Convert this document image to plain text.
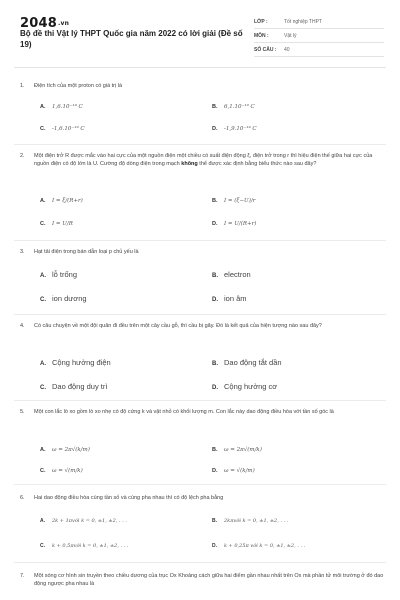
2048.vn
Bộ đề thi Vật lý THPT Quốc gia năm 2022 có lời giải (Đề số 19)
LỚP :	Tốt nghiệp THPT
MÔN :	Vật lý
SỐ CÂU : 40
1. Điện tích của một proton có giá trị là
A. 1,6.10⁻¹⁹ C	B. 6,1.10⁻¹⁹ C
C. -1,6.10⁻¹⁹ C	D. -1,9.10⁻¹⁹ C
2. Một điện trở R được mắc vào hai cực của một nguồn điện một chiều có suất điện động ξ, điện trở trong r thì hiệu điện thế giữa hai cực của nguồn điện có độ lớn là U. Cường độ dòng điện trong mạch không thể được xác định bằng biểu thức nào sau đây?
A. I = ξ/(R+r)	B. I = (ξ−U)/r
C. I = U/R	D. I = U/(R+r)
3. Hạt tải điện trong bán dẫn loại p chủ yếu là
A. lỗ trống	B. electron
C. ion dương	D. ion âm
4. Có câu chuyện về một đội quân đi đều trên một cây cầu gỗ, thì cầu bị gãy. Đó là kết quả của hiện tượng nào sau đây?
A. Cộng hưởng điện	B. Dao động tắt dần
C. Dao động duy trì	D. Cộng hưởng cơ
5. Một con lắc lò xo gồm lò xo nhẹ có độ cứng k và vật nhỏ có khối lượng m. Con lắc này dao động điều hòa với tần số góc là
A. ω = 2π√(k/m)	B. ω = 2π√(m/k)
C. ω = √(m/k)	D. ω = √(k/m)
6. Hai dao động điều hòa cùng tần số và cùng pha nhau thì có độ lệch pha bằng
A. 2k + 1πvới k = 0, ±1, ±2, . . .	B. 2kπvới k = 0, ±1, ±2, . . .
C. k + 0,5πvới k = 0, ±1, ±2, . . .	D. k + 0,25π với k = 0, ±1, ±2, . . .
7. Một sóng cơ hình sin truyền theo chiều dương của trục Ox Khoảng cách giữa hai điểm gần nhau nhất trên Ox mà phần tử môi trường ở đó dao động ngược pha nhau là
